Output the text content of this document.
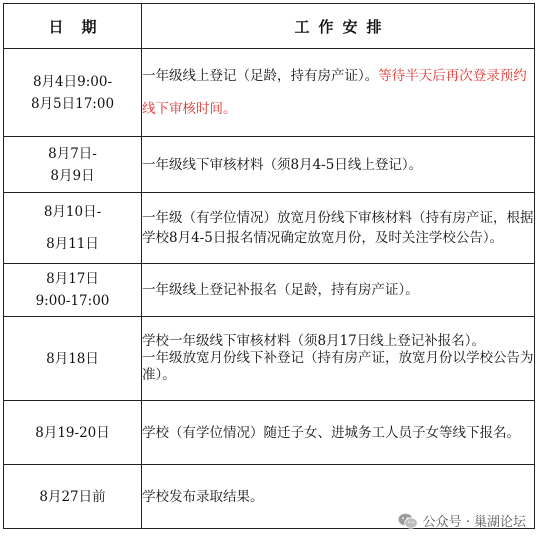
日期	工作安排

8月4日9:00-
8月5日17:00	一年级线上登记（足龄，持有房产证）。等待半天后再次登录预约线下审核时间。

8月7日-
8月9日	一年级线下审核材料（须8月4-5日线上登记）。

8月10日-
8月11日	一年级（有学位情况）放宽月份线下审核材料（持有房产证，根据学校8月4-5日报名情况确定放宽月份，及时关注学校公告）。

8月17日
9:00-17:00	一年级线上登记补报名（足龄，持有房产证）。

8月18日	学校一年级线下审核材料（须8月17日线上登记补报名）。
一年级放宽月份线下补登记（持有房产证，放宽月份以学校公告为准）。

8月19-20日	学校（有学位情况）随迁子女、进城务工人员子女等线下报名。

8月27日前	学校发布录取结果。
公众号 · 巢湖论坛
